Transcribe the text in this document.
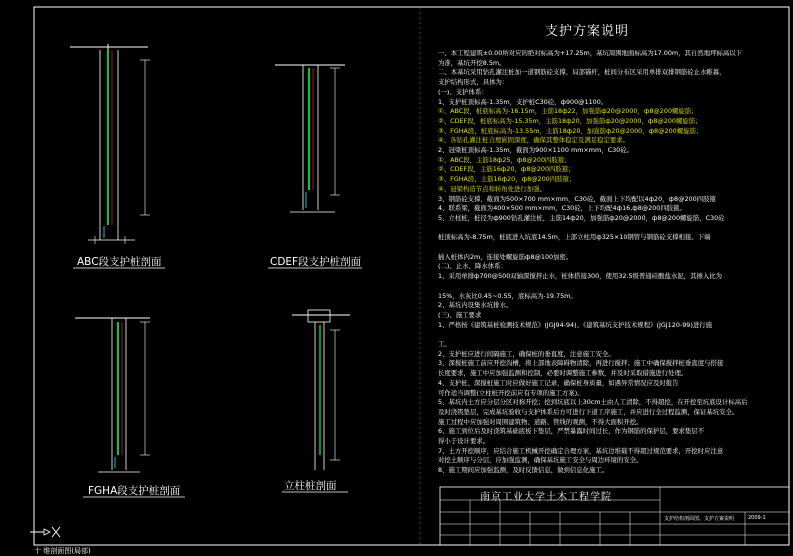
支护方案说明
一、本工程建筑±0.00所对应的绝对标高为+17.25m，基坑周围地面标高为17.00m，其自然地坪标高以下
为准，基坑开挖8.5m。
二、本基坑采用钻孔灌注桩加一道钢筋砼支撑，局部锚杆，桩间分布区采用单排双排钢筋砼止水帷幕，
支护结构形式，具体为：
(一)、支护体系：
1、支护桩顶标高-1.35m，支护桩C30砼，ф900@1100。
①、ABC段，桩底标高为-16.15m，主筋18ф22，加强筋ф20@2000，ф8@200螺旋筋；
②、CDEF段，桩底标高为-15.35m，主筋18ф20，加强筋ф20@2000，ф8@200螺旋筋；
③、FGHA段，桩底标高为-13.55m，主筋18ф20，加强筋ф20@2000，ф8@200螺旋筋；
④、各钻孔灌注桩合理嵌固深度，确保其整体稳定及满足稳定要求。
2、冠梁桩顶标高-1.35m，截面为900×1100 mm×mm，C30砼。
①、ABC段，主筋18ф25，ф8@200四肢箍；
②、CDEF段，主筋16ф20，ф8@200四肢箍；
③、FGHA段，主筋16ф20，ф8@200四肢箍；
④、冠梁构造节点和转角处进行加强。
3、钢筋砼支撑，截面为500×700 mm×mm，C30砼，截面上下均配以4ф20，ф8@200四肢箍
4、联系梁，截面为400×500 mm×mm，C30砼，上下均配4ф16,ф8@200四肢箍。
5、立柱桩，桩径为ф900钻孔灌注桩，主筋14ф20，加强筋ф20@2000，ф8@200螺旋筋，C30砼
桩顶标高为-8.75m，桩底进入坑底14.5m，上部立柱用ф325×10钢管与钢筋砼支撑相接。下端
插入桩体内2m，连接处螺旋筋ф8@100加密。
(二)、止水、降水体系：
1、采用单排ф700@500双轴深搅拌止水，桩体搭接300，使用32.5级普通硅酸盐水泥，其掺入比为
15%，水灰比0.45~0.55，底标高为-19.75m。
2、基坑内设集水坑排水。
(三)、施工要求
1、严格按《建筑基桩检测技术规范》(JGJ94-94)、《建筑基坑支护技术规程》(JGJ120-99)进行施
工。
2、支护桩应进行间隔施工，确保桩的垂直度，注意施工安全。
3、深搅桩施工前应开挖沟槽，将上部地表障碍物清除，再进行搅拌；施工中确保搅拌桩垂直度与搭接
长度要求，施工中应加强监测和控制，必要时调整施工参数，并及时采取措施进行处理。
4、支护桩、深搅桩施工时应做好施工记录，确保桩身质量，如遇异常情况应及时报告
可作适当调整(立柱桩开挖前应有专项的施工方案)。
5、基坑内土方应分层分区对称开挖；挖到坑底以上30cm土由人工清除，不得超挖，在开挖至坑底设计标高后
及时浇筑垫层，完成基坑验收与支护体系后方可进行下道工序施工，并应进行全过程监测，保证基坑安全。
施工过程中应加强对周围建筑物、道路、管线的观测，不得大面积开挖。
6、施工到位后及时浇筑基础底板下垫层，严禁暴露时间过长，作为钢筋的保护层，要求垫层不
得小于设计要求。
7、土方开挖顺序，应结合施工机械开挖确定合理方案，基坑边堆载不得超过规范要求，开挖时应注意
对挖土顺序与分层，应加强监测，确保基坑施工安全与周边环境的安全。
8、施工期间应加强监测，及时反馈信息，做到信息化施工。
ABC段支护桩剖面	CDEF段支护桩剖面
FGHA段支护桩剖面	立柱桩剖面
南京工业大学土木工程学院
支护结构剖面图、支护方案说明	2009-1
十 维剖面图(局部)
